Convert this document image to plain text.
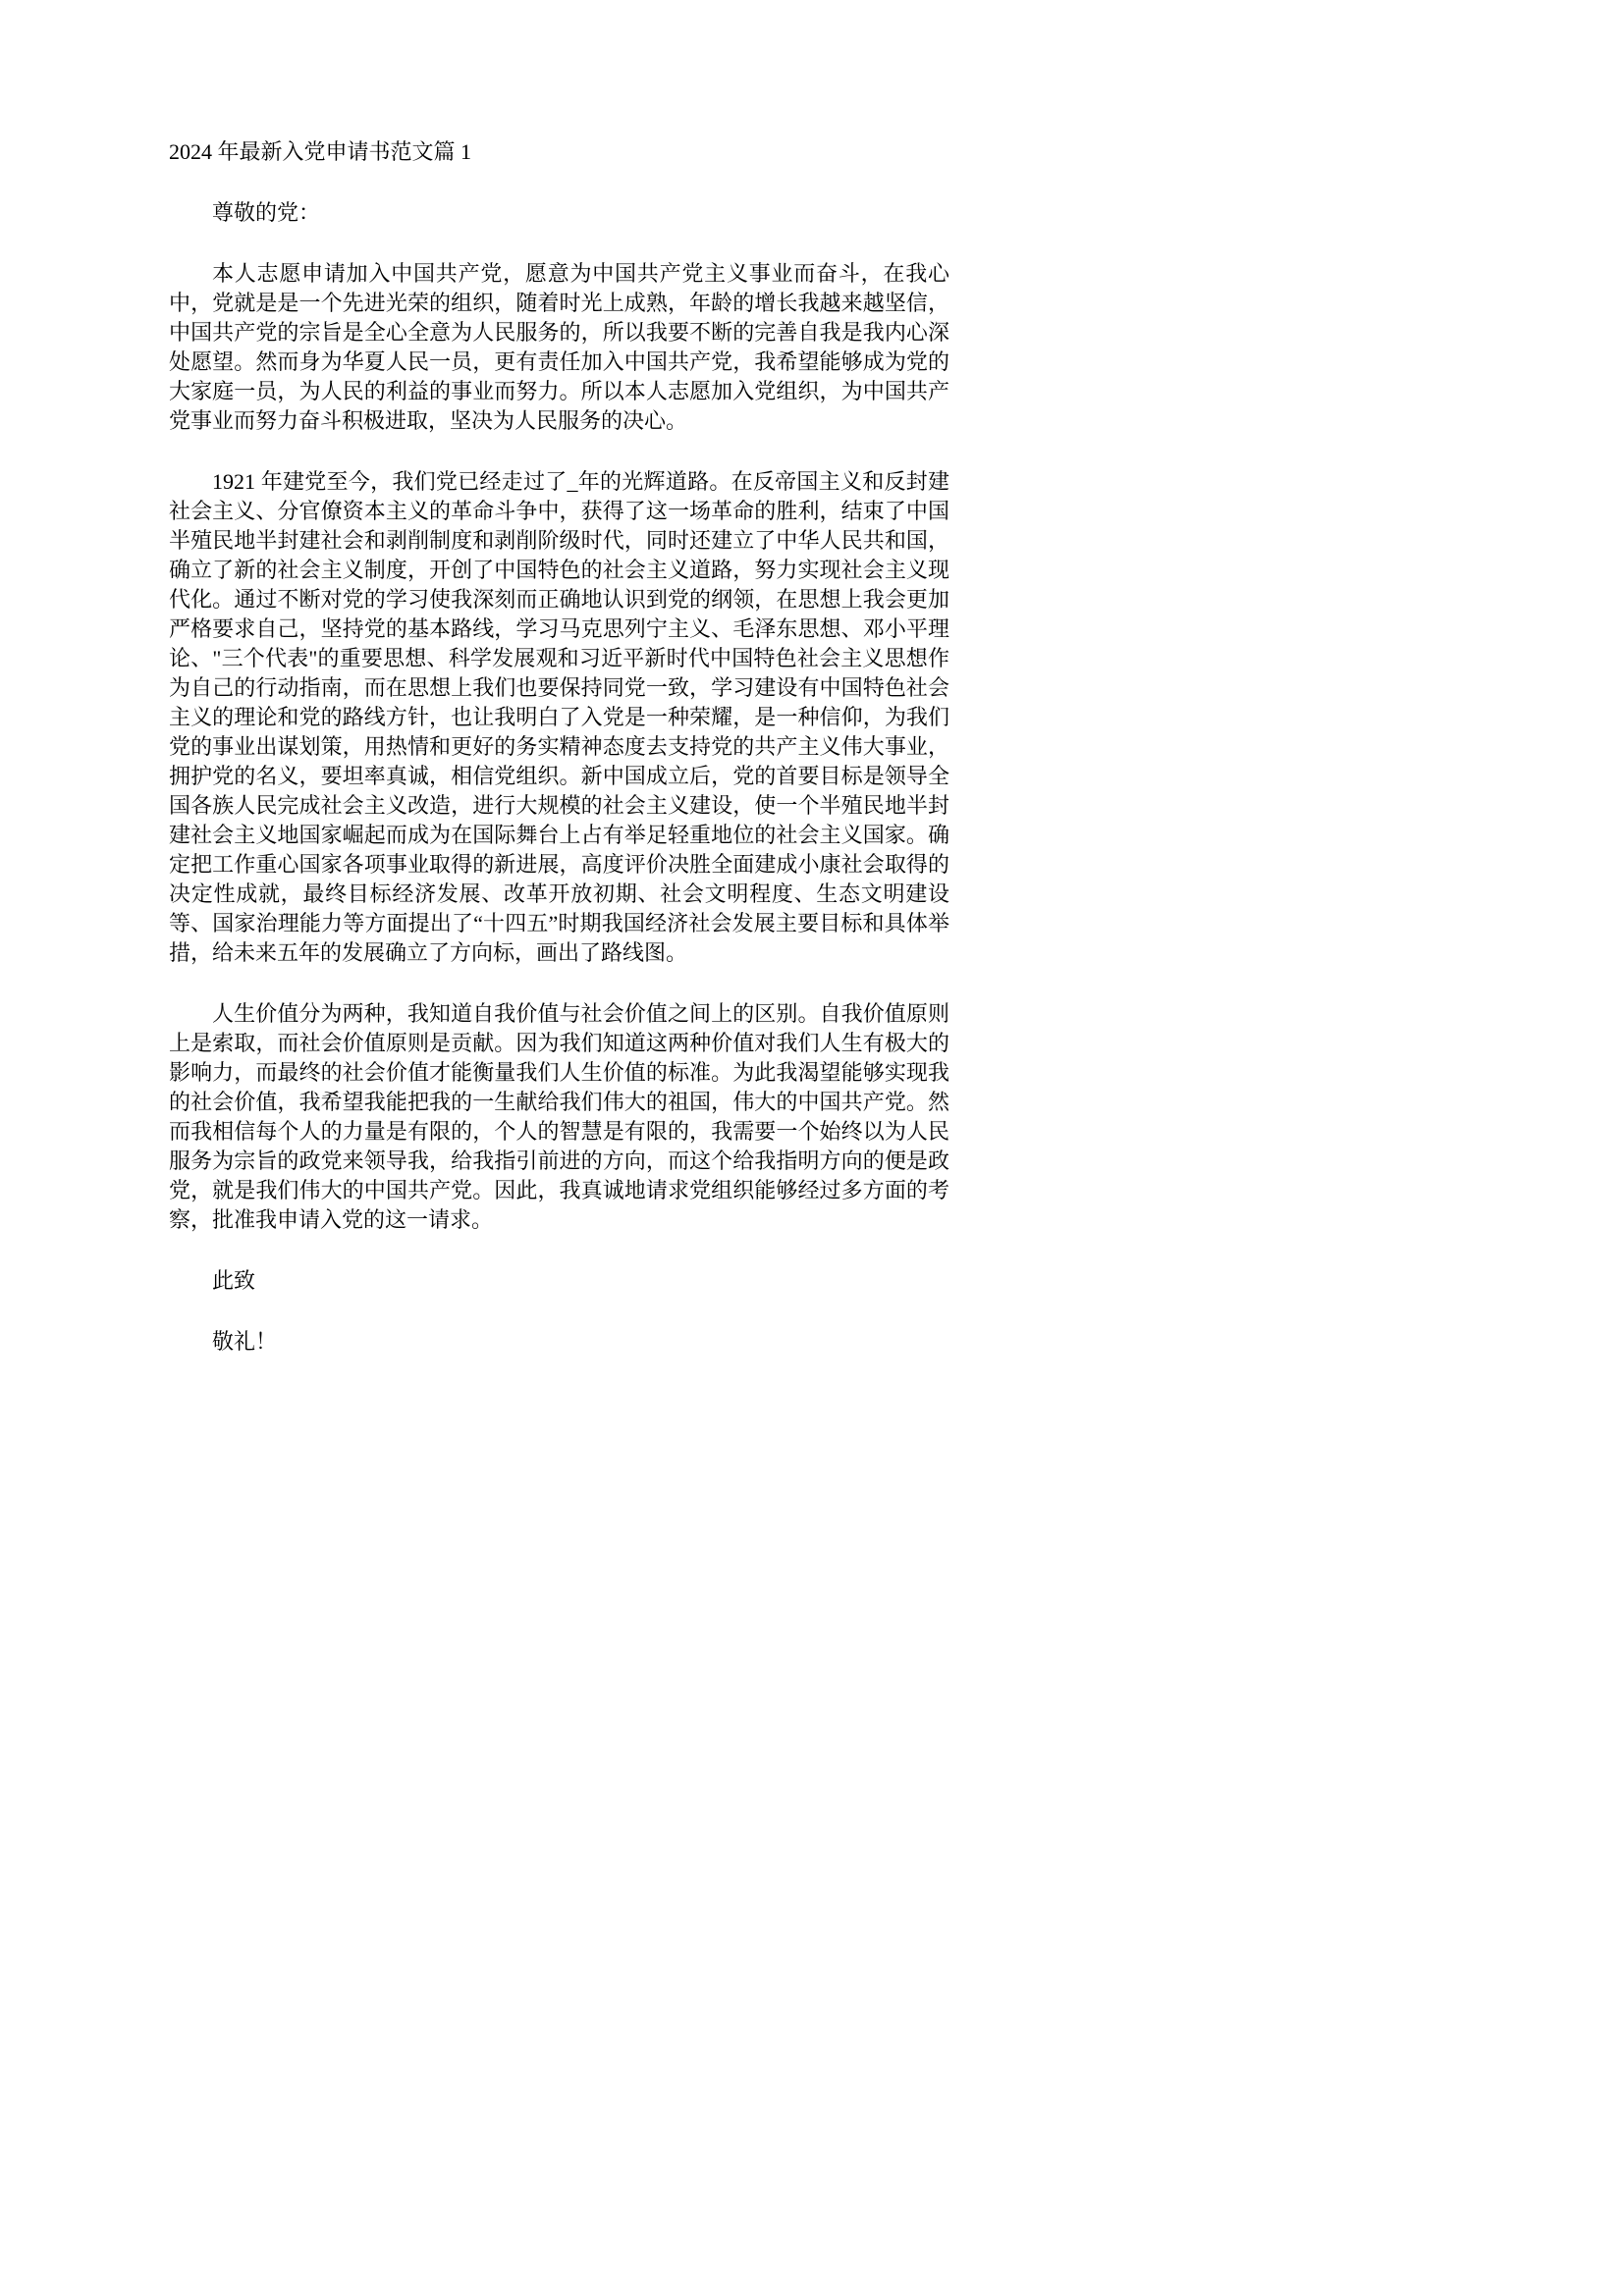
2024 年最新入党申请书范文篇 1

尊敬的党：

本人志愿申请加入中国共产党，愿意为中国共产党主义事业而奋斗，在我心中，党就是是一个先进光荣的组织，随着时光上成熟，年龄的增长我越来越坚信，中国共产党的宗旨是全心全意为人民服务的，所以我要不断的完善自我是我内心深处愿望。然而身为华夏人民一员，更有责任加入中国共产党，我希望能够成为党的大家庭一员，为人民的利益的事业而努力。所以本人志愿加入党组织，为中国共产党事业而努力奋斗积极进取，坚决为人民服务的决心。

1921 年建党至今，我们党已经走过了_年的光辉道路。在反帝国主义和反封建社会主义、分官僚资本主义的革命斗争中，获得了这一场革命的胜利，结束了中国半殖民地半封建社会和剥削制度和剥削阶级时代，同时还建立了中华人民共和国，确立了新的社会主义制度，开创了中国特色的社会主义道路，努力实现社会主义现代化。通过不断对党的学习使我深刻而正确地认识到党的纲领，在思想上我会更加严格要求自己，坚持党的基本路线，学习马克思列宁主义、毛泽东思想、邓小平理论、"三个代表"的重要思想、科学发展观和习近平新时代中国特色社会主义思想作为自己的行动指南，而在思想上我们也要保持同党一致，学习建设有中国特色社会主义的理论和党的路线方针，也让我明白了入党是一种荣耀，是一种信仰，为我们党的事业出谋划策，用热情和更好的务实精神态度去支持党的共产主义伟大事业，拥护党的名义，要坦率真诚，相信党组织。新中国成立后，党的首要目标是领导全国各族人民完成社会主义改造，进行大规模的社会主义建设，使一个半殖民地半封建社会主义地国家崛起而成为在国际舞台上占有举足轻重地位的社会主义国家。确定把工作重心国家各项事业取得的新进展，高度评价决胜全面建成小康社会取得的决定性成就，最终目标经济发展、改革开放初期、社会文明程度、生态文明建设等、国家治理能力等方面提出了“十四五”时期我国经济社会发展主要目标和具体举措，给未来五年的发展确立了方向标，画出了路线图。

人生价值分为两种，我知道自我价值与社会价值之间上的区别。自我价值原则上是索取，而社会价值原则是贡献。因为我们知道这两种价值对我们人生有极大的影响力，而最终的社会价值才能衡量我们人生价值的标准。为此我渴望能够实现我的社会价值，我希望我能把我的一生献给我们伟大的祖国，伟大的中国共产党。然而我相信每个人的力量是有限的，个人的智慧是有限的，我需要一个始终以为人民服务为宗旨的政党来领导我，给我指引前进的方向，而这个给我指明方向的便是政党，就是我们伟大的中国共产党。因此，我真诚地请求党组织能够经过多方面的考察，批准我申请入党的这一请求。

此致

敬礼！
